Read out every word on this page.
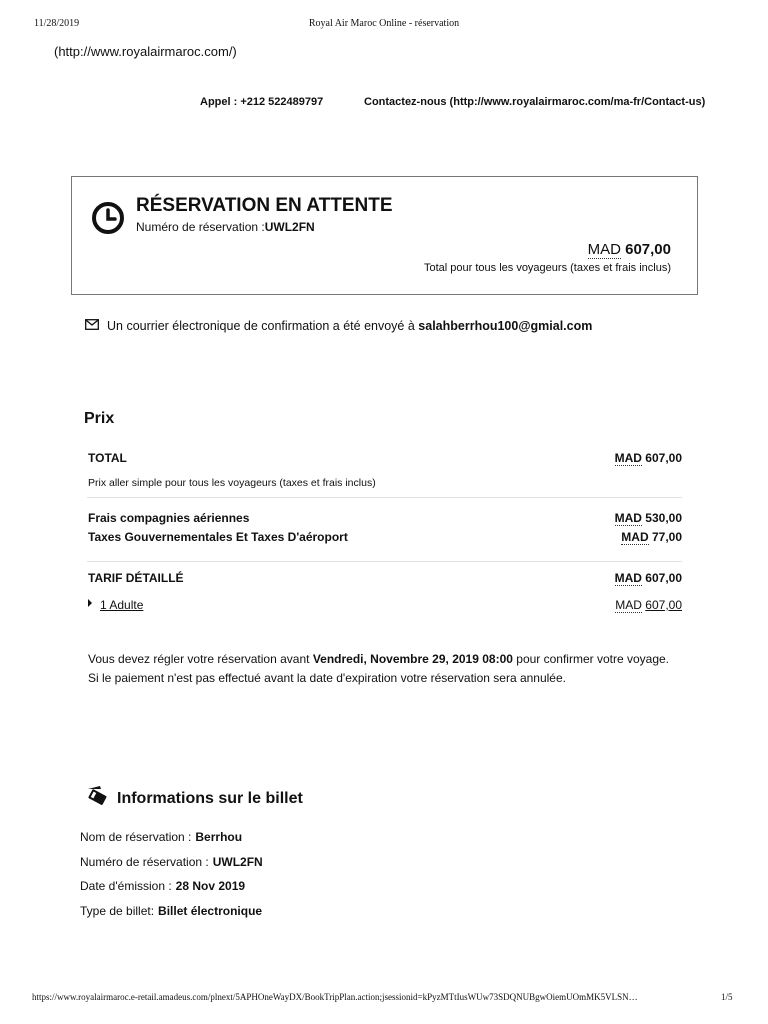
11/28/2019	Royal Air Maroc Online - réservation
(http://www.royalairmaroc.com/)
Appel : +212 522489797	Contactez-nous (http://www.royalairmaroc.com/ma-fr/Contact-us)
RÉSERVATION EN ATTENTE
Numéro de réservation :UWL2FN
MAD 607,00
Total pour tous les voyageurs (taxes et frais inclus)
Un courrier électronique de confirmation a été envoyé à salahberrhou100@gmial.com
Prix
TOTAL	MAD 607,00
Prix aller simple pour tous les voyageurs (taxes et frais inclus)
Frais compagnies aériennes	MAD 530,00
Taxes Gouvernementales Et Taxes D'aéroport	MAD 77,00
TARIF DÉTAILLÉ	MAD 607,00
1 Adulte	MAD 607,00
Vous devez régler votre réservation avant Vendredi, Novembre 29, 2019 08:00 pour confirmer votre voyage.
Si le paiement n'est pas effectué avant la date d'expiration votre réservation sera annulée.
Informations sur le billet
Nom de réservation : Berrhou
Numéro de réservation : UWL2FN
Date d'émission : 28 Nov 2019
Type de billet: Billet électronique
https://www.royalairmaroc.e-retail.amadeus.com/plnext/5APHOneWayDX/BookTripPlan.action;jsessionid=kPyzMTtIusWUw73SDQNUBgwOiemUOmMK5VLSN…	1/5
